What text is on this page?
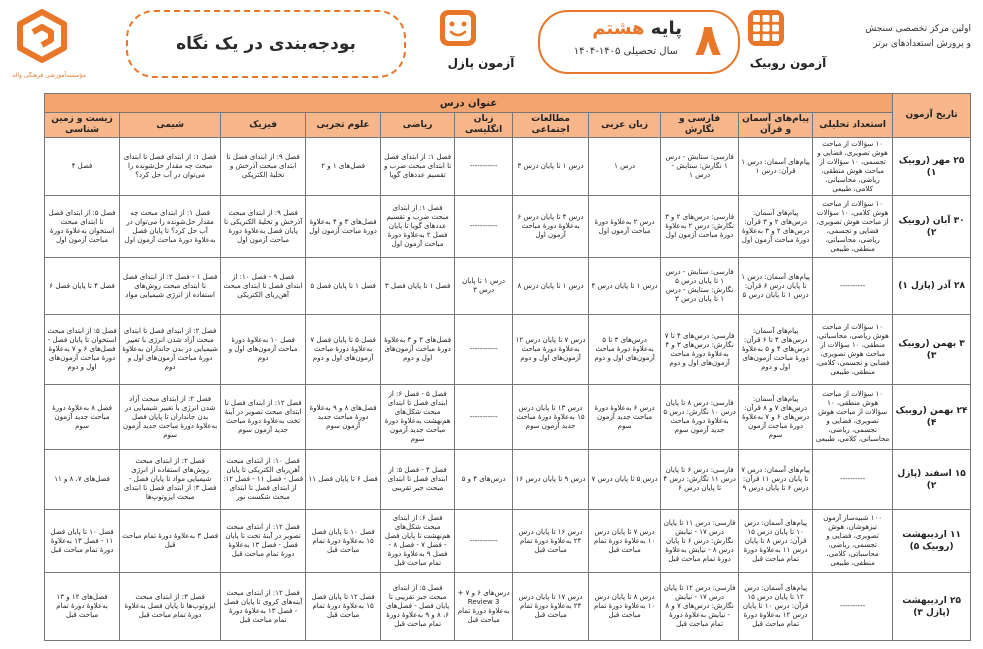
مؤسسه‌آموزشی فرهنگی واله
بودجه‌بندی در یک نگاه
آزمون پازل	۸
پایه هشتم
سال تحصیلی ۱۴۰۵-۱۴۰۴
آزمون روبیک
اولین مرکز تخصصی سنجش
و پرورش استعدادهای برتر
تاریخ آزمون	عنوان درس										
	استعداد تحلیلی	پیام‌های آسمان و قرآن	فارسی و نگارش	زبان عربی	مطالعات اجتماعی	زبان انگلیسی	ریاضی	علوم تجربی	فیزیک	شیمی	زیست و زمین شناسی
۲۵ مهر (روبیک ۱)	۱۰ سؤالات از مباحث هوش تصویری، فضایی و تجسمی، ۱۰ سؤالات از مباحث هوش منطقی، ریاضی، محاسباتی، کلامی، طبیعی	پیام‌های آسمان: درس ۱ قرآن: درس ۱	فارسی: ستایش - درس ۱ نگارش: ستایش - درس ۱	درس ۱	درس ۱ تا پایان درس ۳	-----------	فصل ۱: از ابتدای فصل تا ابتدای مبحث ضرب و تقسیم عددهای گویا	فصل‌های ۱ و ۲	فصل ۹: از ابتدای فصل تا ابتدای مبحث آذرخش و تخلیهٔ الکتریکی	فصل ۱: از ابتدای فصل تا ابتدای مبحث چه مقدار حل‌شونده را می‌توان در آب حل کرد؟	فصل ۴
۳۰ آبان (روبیک ۲)	۱۰ سؤالات از مباحث هوش کلامی، ۱۰ سؤالات از مباحث هوش تصویری، فضایی و تجسمی، ریاضی، محاسباتی، منطقی، طبیعی	پیام‌های آسمان: درس‌های ۲ و ۳ قرآن: درس‌های ۲ و ۳ به‌علاوهٔ دورهٔ مباحث آزمون اول	فارسی: درس‌های ۲ و ۳ نگارش: درس ۲ به‌علاوهٔ دورهٔ مباحث آزمون اول	درس ۲ به‌علاوهٔ دورهٔ مباحث آزمون اول	درس ۴ تا پایان درس ۶ به‌علاوهٔ دورهٔ مباحث آزمون اول	-----------	فصل ۱: از ابتدای مبحث ضرب و تقسیم عددهای گویا تا پایان فصل ۲ به‌علاوهٔ دورهٔ مباحث آزمون اول	فصل‌های ۳ و ۴ به‌علاوهٔ دورهٔ مباحث آزمون اول	فصل ۹: از ابتدای مبحث آذرخش و تخلیهٔ الکتریکی تا پایان فصل به‌علاوهٔ دورهٔ مباحث آزمون اول	فصل ۱: از ابتدای مبحث چه مقدار حل‌شونده را می‌توان در آب حل کرد؟ تا پایان فصل به‌علاوهٔ دورهٔ مباحث آزمون اول	فصل ۵: از ابتدای فصل تا ابتدای مبحث استخوان به‌علاوهٔ دورهٔ مباحث آزمون اول
۲۸ آذر (پازل ۱)	----------	پیام‌های آسمان: درس ۱ تا پایان درس ۶ قرآن: درس ۱ تا پایان درس ۵	فارسی: ستایش - درس ۱ تا پایان درس ۵ نگارش: ستایش - درس ۱ تا پایان درس ۳	درس ۱ تا پایان درس ۴	درس ۱ تا پایان درس ۸	درس ۱ تا پایان درس ۳	فصل ۱ تا پایان فصل ۳	فصل ۱ تا پایان فصل ۵	فصل ۹ - فصل ۱۰: از ابتدای فصل تا ابتدای مبحث آهن‌ربای الکتریکی	فصل ۱ - فصل ۲: از ابتدای فصل تا ابتدای مبحث روش‌های استفاده از انرژی شیمیایی مواد	فصل ۴ تا پایان فصل ۶
۳ بهمن (روبیک ۳)	۱۰ سؤالات از مباحث هوش ریاضی، محاسباتی، منطقی، ۱۰ سؤالات از مباحث هوش تصویری، فضایی و تجسمی، کلامی، منطقی، طبیعی	پیام‌های آسمان: درس‌های ۴ تا ۶ قرآن: درس‌های ۴ و ۵ به‌علاوهٔ دورهٔ مباحث آزمون‌های اول و دوم	فارسی: درس‌های ۴ تا ۷ نگارش: درس‌های ۳ و ۴ به‌علاوهٔ دورهٔ مباحث آزمون‌های اول و دوم	درس‌های ۳ تا ۵ به‌علاوهٔ دورهٔ مباحث آزمون‌های اول و دوم	درس ۷ تا پایان درس ۱۲ به‌علاوهٔ دورهٔ مباحث آزمون‌های اول و دوم	-----------	فصل‌های ۳ و ۴ به‌علاوهٔ دورهٔ مباحث آزمون‌های اول و دوم	فصل ۵ تا پایان فصل ۷ به‌علاوهٔ دورهٔ مباحث آزمون‌های اول و دوم	فصل ۱۰ به‌علاوهٔ دورهٔ مباحث آزمون‌های اول و دوم	فصل ۲: از ابتدای فصل تا ابتدای مبحث آزاد شدن انرژی با تغییر شیمیایی در بدن جانداران به‌علاوهٔ دورهٔ مباحث آزمون‌های اول و دوم	فصل ۵: از ابتدای مبحث استخوان تا پایان فصل - فصل‌های ۶ و ۷ به‌علاوهٔ دورهٔ مباحث آزمون‌های اول و دوم
۲۴ بهمن (روبیک ۴)	۱۰ سؤالات از مباحث هوش منطقی، ۱۰ سؤالات از مباحث هوش تصویری، فضایی و تجسمی، ریاضی، محاسباتی، کلامی، طبیعی	پیام‌های آسمان: درس‌های ۷ و ۸ قرآن: درس‌های ۶ و ۷ به‌علاوهٔ دورهٔ مباحث آزمون سوم	فارسی: درس ۸ تا پایان درس ۱۰ نگارش: درس ۵ به‌علاوهٔ دورهٔ مباحث جدید آزمون سوم	درس ۶ به‌علاوهٔ دورهٔ مباحث جدید آزمون سوم	درس ۱۳ تا پایان درس ۱۵ به‌علاوهٔ دورهٔ مباحث جدید آزمون سوم	-----------	فصل ۵ - فصل ۶: از ابتدای فصل تا ابتدای مبحث شکل‌های هم‌نهشت به‌علاوهٔ دورهٔ مباحث جدید آزمون سوم	فصل‌های ۸ و ۹ به‌علاوهٔ دورهٔ مباحث جدید آزمون سوم	فصل ۱۲: از ابتدای فصل تا ابتدای مبحث تصویر در آینهٔ تخت به‌علاوهٔ دورهٔ مباحث جدید آزمون سوم	فصل ۲: از ابتدای مبحث آزاد شدن انرژی با تغییر شیمیایی در بدن جانداران تا پایان فصل به‌علاوهٔ دورهٔ مباحث جدید آزمون سوم	فصل ۸ به‌علاوهٔ دورهٔ مباحث جدید آزمون سوم
۱۵ اسفند (پازل ۲)	----------	پیام‌های آسمان: درس ۷ تا پایان درس ۱۱ قرآن: درس ۶ تا پایان درس ۹	فارسی: درس ۶ تا پایان درس ۱۱ نگارش: درس ۴ تا پایان درس ۶	درس ۵ تا پایان درس ۷	درس ۹ تا پایان درس ۱۶	درس‌های ۴ و ۵	فصل ۴ - فصل ۵: از ابتدای فصل تا ابتدای مبحث جبر تقریبی	فصل ۶ تا پایان فصل ۱۱	فصل ۱۰: از ابتدای مبحث آهن‌ربای الکتریکی تا پایان فصل - فصل ۱۱ - فصل ۱۲: از ابتدای فصل تا ابتدای مبحث شکست نور	فصل ۲: از ابتدای مبحث روش‌های استفاده از انرژی شیمیایی مواد تا پایان فصل - فصل ۳: از ابتدای فصل تا ابتدای مبحث ایزوتوپ‌ها	فصل‌های ۷، ۸ و ۱۱
۱۱ اردیبهشت (روبیک ۵)	۱۰۰ شبیه‌ساز آزمون تیزهوشان، هوش تصویری، فضایی و تجسمی، ریاضی، محاسباتی، کلامی، منطقی، طبیعی	پیام‌های آسمان: درس ۱۰ تا پایان درس ۱۵ قرآن: درس ۸ تا پایان درس ۱۱ به‌علاوهٔ دورهٔ تمام مباحث قبل	فارسی: درس ۱۱ تا پایان درس ۱۷ - نیایش نگارش: درس ۶ تا پایان درس ۸ - نیایش به‌علاوهٔ دورهٔ تمام مباحث قبل	درس ۷ تا پایان درس ۱۰ به‌علاوهٔ دورهٔ تمام مباحث قبل	درس ۱۶ تا پایان درس ۲۴ به‌علاوهٔ دورهٔ تمام مباحث قبل	-----------	فصل ۶: از ابتدای مبحث شکل‌های هم‌نهشت تا پایان فصل - فصل ۷ - فصل ۸ - فصل ۹ به‌علاوهٔ دورهٔ تمام مباحث قبل	فصل ۱۰ تا پایان فصل ۱۵ به‌علاوهٔ دورهٔ تمام مباحث قبل	فصل ۱۲: از ابتدای مبحث تصویر در آینهٔ تخت تا پایان فصل - فصل ۱۳ به‌علاوهٔ دورهٔ تمام مباحث قبل	فصل ۳ به‌علاوهٔ دورهٔ تمام مباحث قبل	فصل ۱۰ تا پایان فصل ۱۱ - فصل ۱۳ به‌علاوهٔ دورهٔ تمام مباحث قبل
۲۵ اردیبهشت (پازل ۳)	----------	پیام‌های آسمان: درس ۱۲ تا پایان درس ۱۵ قرآن: درس ۱۰ تا پایان درس ۱۲ به‌علاوهٔ دورهٔ تمام مباحث قبل	فارسی: درس ۱۲ تا پایان درس ۱۷ - نیایش نگارش: درس‌های ۷ و ۸ - نیایش به‌علاوهٔ دورهٔ تمام مباحث قبل	درس ۸ تا پایان درس ۱۰ به‌علاوهٔ دورهٔ تمام مباحث قبل	درس ۱۷ تا پایان درس ۲۴ به‌علاوهٔ دورهٔ تمام مباحث قبل	درس‌های ۶ و ۷ + Review 3 به‌علاوهٔ دورهٔ تمام مباحث قبل	فصل ۵: از ابتدای مبحث جبر تقریبی تا پایان فصل - فصل‌های ۶، ۸ و ۹ به‌علاوهٔ دورهٔ تمام مباحث قبل	فصل ۱۲ تا پایان فصل ۱۵ به‌علاوهٔ دورهٔ تمام مباحث قبل	فصل ۱۲: از ابتدای مبحث آینه‌های کروی تا پایان فصل - فصل ۱۳ به‌علاوهٔ دورهٔ تمام مباحث قبل	فصل ۳: از ابتدای مبحث ایزوتوپ‌ها تا پایان فصل به‌علاوهٔ دورهٔ تمام مباحث قبل	فصل‌های ۱۲ و ۱۳ به‌علاوهٔ دورهٔ تمام مباحث قبل
